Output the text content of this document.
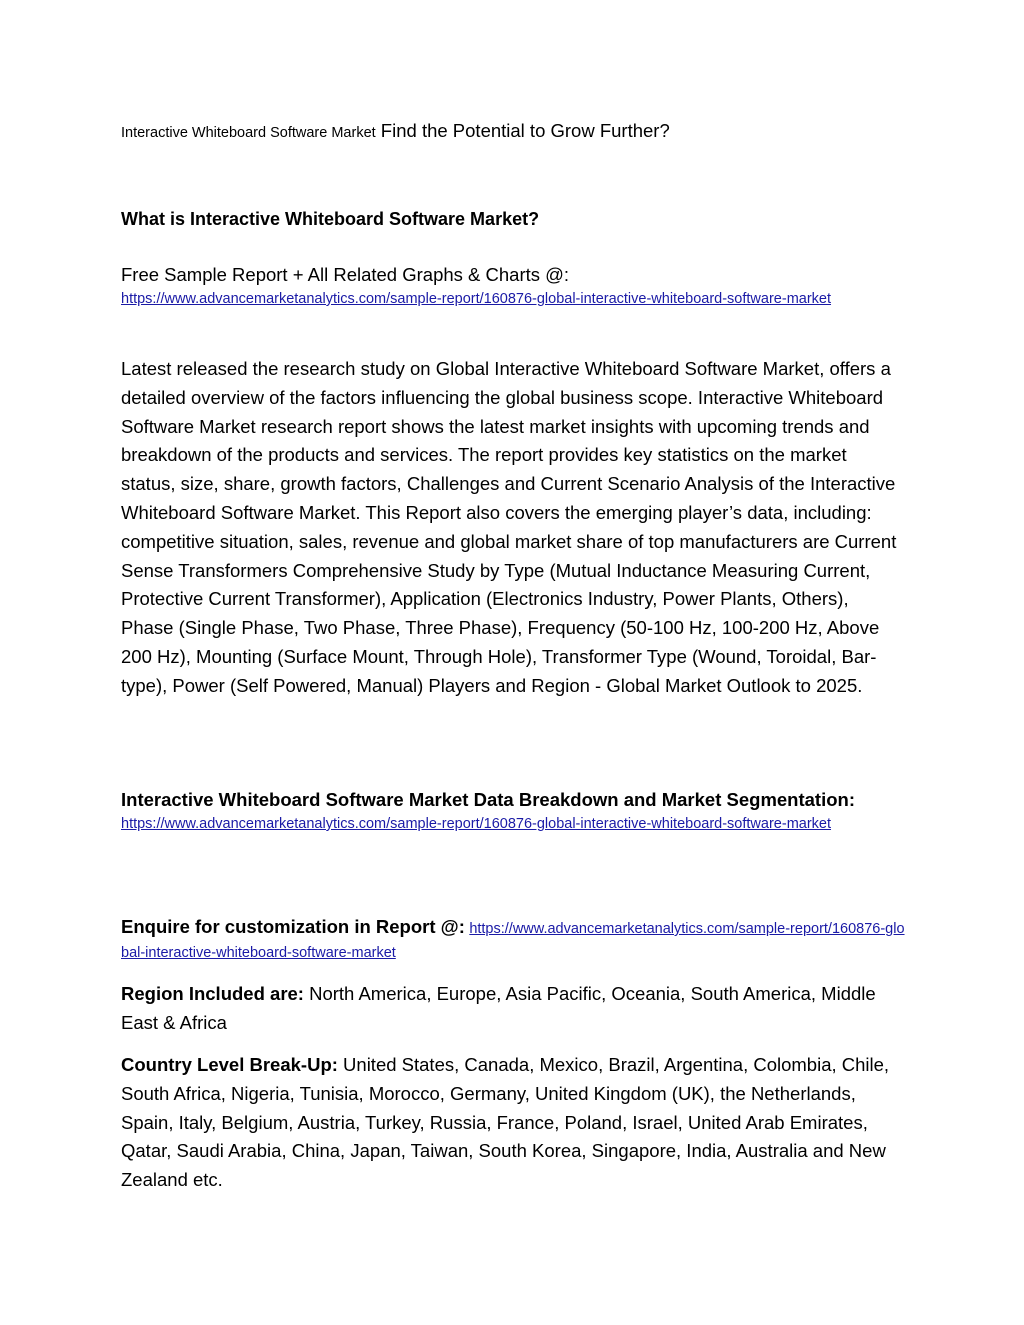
Interactive Whiteboard Software Market Find the Potential to Grow Further?
What is Interactive Whiteboard Software Market?

Free Sample Report + All Related Graphs & Charts @:

https://www.advancemarketanalytics.com/sample-report/160876-global-interactive-whiteboard-software-market
Latest released the research study on Global Interactive Whiteboard Software Market, offers a detailed overview of the factors influencing the global business scope. Interactive Whiteboard Software Market research report shows the latest market insights with upcoming trends and breakdown of the products and services. The report provides key statistics on the market status, size, share, growth factors, Challenges and Current Scenario Analysis of the Interactive Whiteboard Software Market. This Report also covers the emerging player’s data, including: competitive situation, sales, revenue and global market share of top manufacturers are Current Sense Transformers Comprehensive Study by Type (Mutual Inductance Measuring Current, Protective Current Transformer), Application (Electronics Industry, Power Plants, Others), Phase (Single Phase, Two Phase, Three Phase), Frequency (50-100 Hz, 100-200 Hz, Above 200 Hz), Mounting (Surface Mount, Through Hole), Transformer Type (Wound, Toroidal, Bar-type), Power (Self Powered, Manual) Players and Region - Global Market Outlook to 2025.

Interactive Whiteboard Software Market Data Breakdown and Market Segmentation:

https://www.advancemarketanalytics.com/sample-report/160876-global-interactive-whiteboard-software-market
Enquire for customization in Report @: https://www.advancemarketanalytics.com/sample-report/160876-global-interactive-whiteboard-software-market
Region Included are: North America, Europe, Asia Pacific, Oceania, South America, Middle East & Africa
Country Level Break-Up: United States, Canada, Mexico, Brazil, Argentina, Colombia, Chile, South Africa, Nigeria, Tunisia, Morocco, Germany, United Kingdom (UK), the Netherlands, Spain, Italy, Belgium, Austria, Turkey, Russia, France, Poland, Israel, United Arab Emirates, Qatar, Saudi Arabia, China, Japan, Taiwan, South Korea, Singapore, India, Australia and New Zealand etc.
